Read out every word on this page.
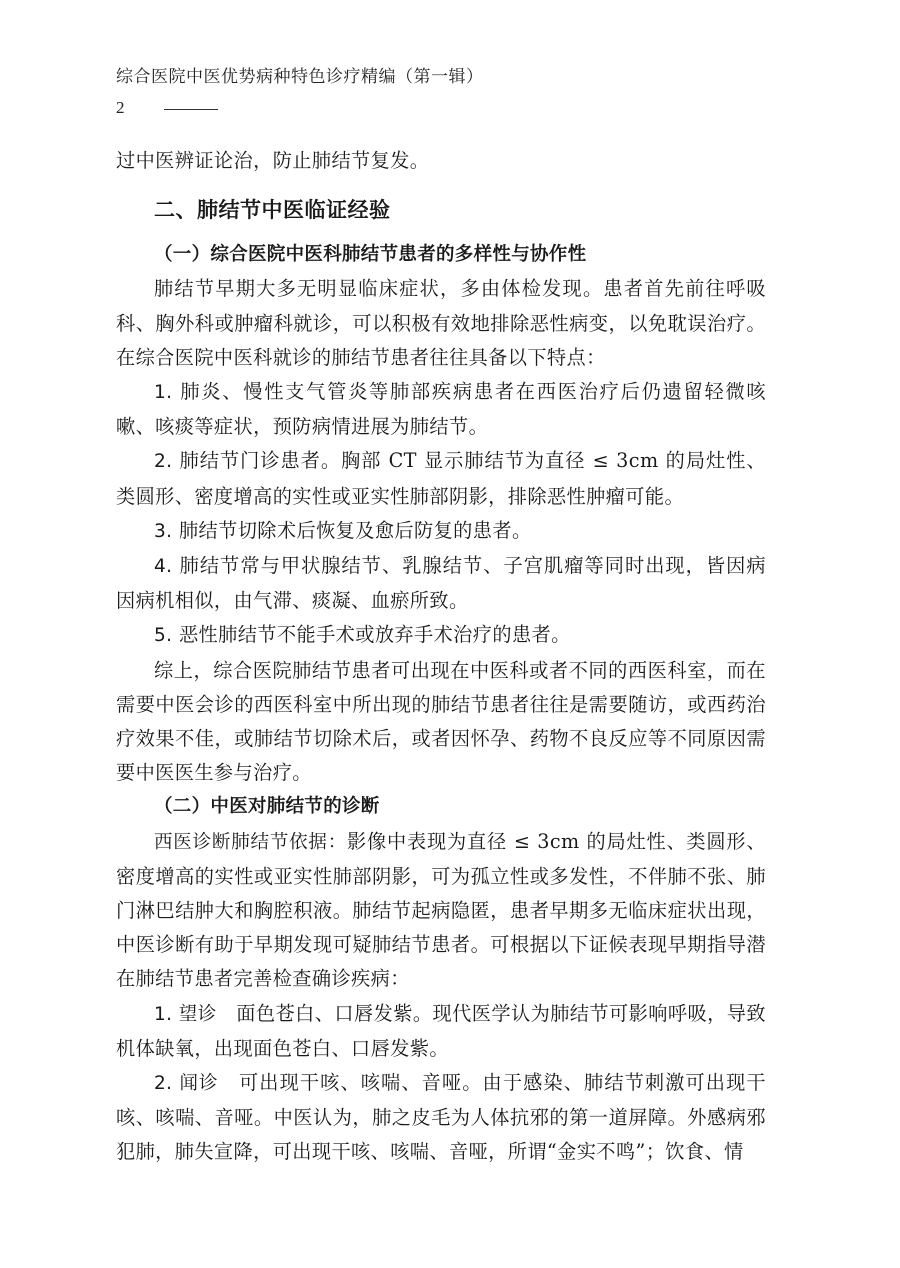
综合医院中医优势病种特色诊疗精编（第一辑）
2

过中医辨证论治，防止肺结节复发。

二、肺结节中医临证经验
（一）综合医院中医科肺结节患者的多样性与协作性

肺结节早期大多无明显临床症状，多由体检发现。患者首先前往呼吸科、胸外科或肿瘤科就诊，可以积极有效地排除恶性病变，以免耽误治疗。在综合医院中医科就诊的肺结节患者往往具备以下特点：

1. 肺炎、慢性支气管炎等肺部疾病患者在西医治疗后仍遗留轻微咳嗽、咳痰等症状，预防病情进展为肺结节。

2. 肺结节门诊患者。胸部 CT 显示肺结节为直径 ≤ 3cm 的局灶性、类圆形、密度增高的实性或亚实性肺部阴影，排除恶性肿瘤可能。

3. 肺结节切除术后恢复及愈后防复的患者。

4. 肺结节常与甲状腺结节、乳腺结节、子宫肌瘤等同时出现，皆因病因病机相似，由气滞、痰凝、血瘀所致。

5. 恶性肺结节不能手术或放弃手术治疗的患者。

综上，综合医院肺结节患者可出现在中医科或者不同的西医科室，而在需要中医会诊的西医科室中所出现的肺结节患者往往是需要随访，或西药治疗效果不佳，或肺结节切除术后，或者因怀孕、药物不良反应等不同原因需要中医医生参与治疗。

（二）中医对肺结节的诊断

西医诊断肺结节依据：影像中表现为直径 ≤ 3cm 的局灶性、类圆形、密度增高的实性或亚实性肺部阴影，可为孤立性或多发性，不伴肺不张、肺门淋巴结肿大和胸腔积液。肺结节起病隐匿，患者早期多无临床症状出现，中医诊断有助于早期发现可疑肺结节患者。可根据以下证候表现早期指导潜在肺结节患者完善检查确诊疾病：

1. 望诊  面色苍白、口唇发紫。现代医学认为肺结节可影响呼吸，导致机体缺氧，出现面色苍白、口唇发紫。

2. 闻诊  可出现干咳、咳喘、音哑。由于感染、肺结节刺激可出现干咳、咳喘、音哑。中医认为，肺之皮毛为人体抗邪的第一道屏障。外感病邪犯肺，肺失宣降，可出现干咳、咳喘、音哑，所谓“金实不鸣”；饮食、情
